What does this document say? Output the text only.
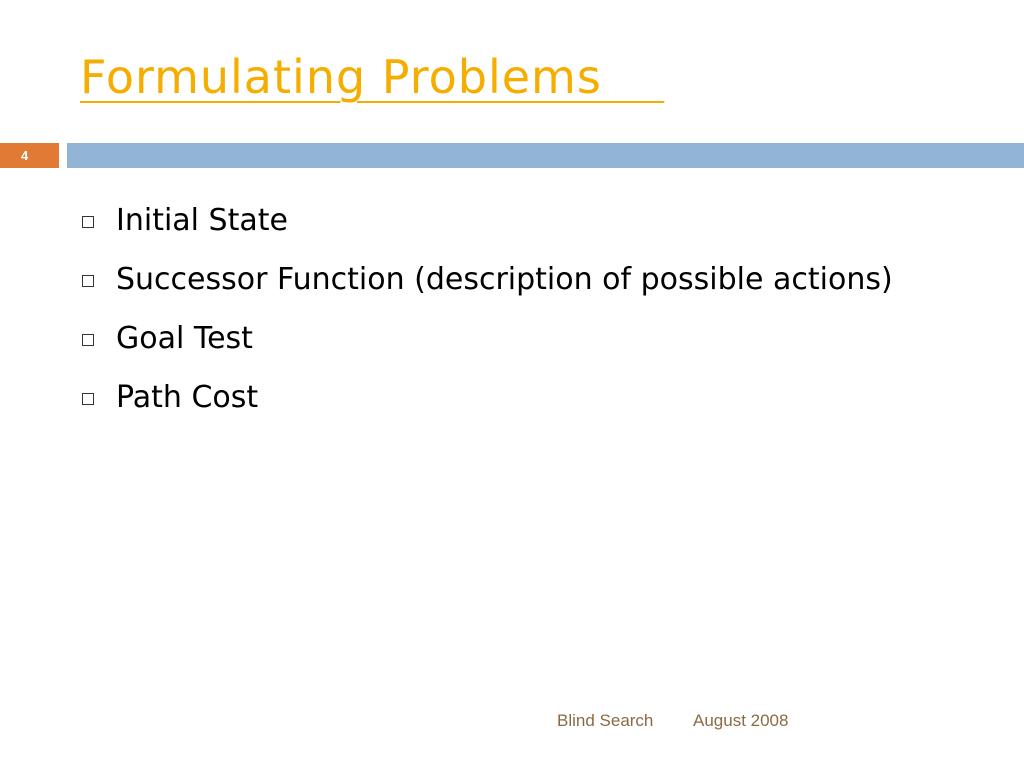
Formulating Problems
4
Initial State
Successor Function (description of possible actions)
Goal Test
Path Cost
Blind Search August 2008
